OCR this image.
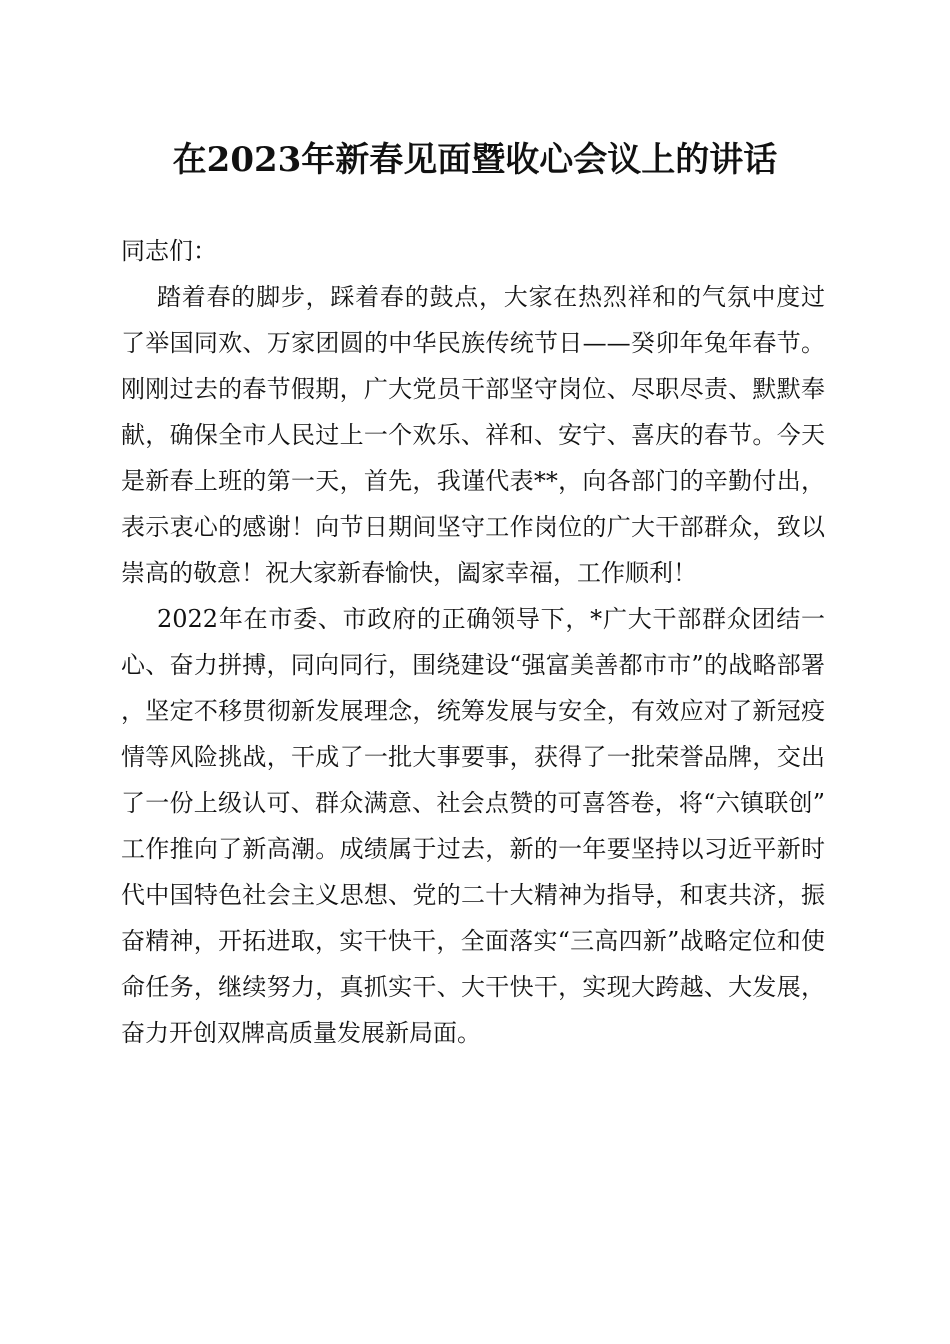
在2023年新春见面暨收心会议上的讲话

同志们：

踏着春的脚步，踩着春的鼓点，大家在热烈祥和的气氛中度过了举国同欢、万家团圆的中华民族传统节日——癸卯年兔年春节。刚刚过去的春节假期，广大党员干部坚守岗位、尽职尽责、默默奉献，确保全市人民过上一个欢乐、祥和、安宁、喜庆的春节。今天是新春上班的第一天，首先，我谨代表**，向各部门的辛勤付出，表示衷心的感谢！向节日期间坚守工作岗位的广大干部群众，致以崇高的敬意！祝大家新春愉快，阖家幸福，工作顺利！

2022年在市委、市政府的正确领导下，*广大干部群众团结一心、奋力拼搏，同向同行，围绕建设“强富美善都市市”的战略部署，坚定不移贯彻新发展理念，统筹发展与安全，有效应对了新冠疫情等风险挑战，干成了一批大事要事，获得了一批荣誉品牌，交出了一份上级认可、群众满意、社会点赞的可喜答卷，将“六镇联创”工作推向了新高潮。成绩属于过去，新的一年要坚持以习近平新时代中国特色社会主义思想、党的二十大精神为指导，和衷共济，振奋精神，开拓进取，实干快干，全面落实“三高四新”战略定位和使命任务，继续努力，真抓实干、大干快干，实现大跨越、大发展，奋力开创双牌高质量发展新局面。
